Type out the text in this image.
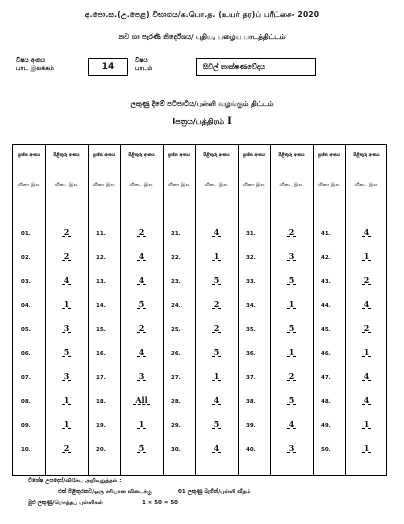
අ.පො.ස.(උ.පෙළ) විභාගය/க.பொ.த. (உயர் தர)ப் பரீட்சை- 2020
නව හා පැරණි නිර්දේශය/ புதிய, பழைய பாடத்திட்டம்
විෂය අංකය
பாட இலக்கம்	14
විෂය
பாடம்	සිවිල් තාක්ෂණවේදය
ලකුණු දීමේ පටිපාටිය/புள்ளி வழங்கும் திட்டம்
Iපත්‍රය/பத்திரம் I
ප්‍රශ්න අංකය	පිළිතුරු අංකය
வினா இல.	விடை இல.
01.	2
02.	2
03.	4
04.	1
05.	3
06.	5
07.	3
08.	1
09.	1
10.	2
ප්‍රශ්න අංකය	පිළිතුරු අංකය
வினா இல.	விடை இல.
11.	2
12.	4
13.	4
14.	5
15.	2
16.	4
17.	3
18.	All
19.	1
20.	5
ප්‍රශ්න අංකය	පිළිතුරු අංකය
வினா இல.	விடை இல.
21.	4
22.	1
23.	5
24.	2
25.	2
26.	5
27.	1
28.	4
29.	5
30.	4
ප්‍රශ්න අංකය	පිළිතුරු අංකය
வினா இல.	விடை இல.
31.	2
32.	3
33.	5
34.	1
35.	5
36.	1
37.	2
38.	5
39.	4
40.	3
ප්‍රශ්න අංකය	පිළිතුරු අංකය
வினா இல.	விடை இல.
41.	4
42.	1
43.	2
44.	4
45.	2
46.	1
47.	4
48.	4
49.	1
50.	1
විශේෂ උපදෙස්/விசேட அறிவுறுத்தல் :
එක් පිළිතුරකට/ஒரு சரியான விடைக்கு	01 ලකුණු බැගින්/புள்ளி வீதம்
මුළු ලකුණු/மொத்தப் புள்ளிகள்	1 × 50 = 50
